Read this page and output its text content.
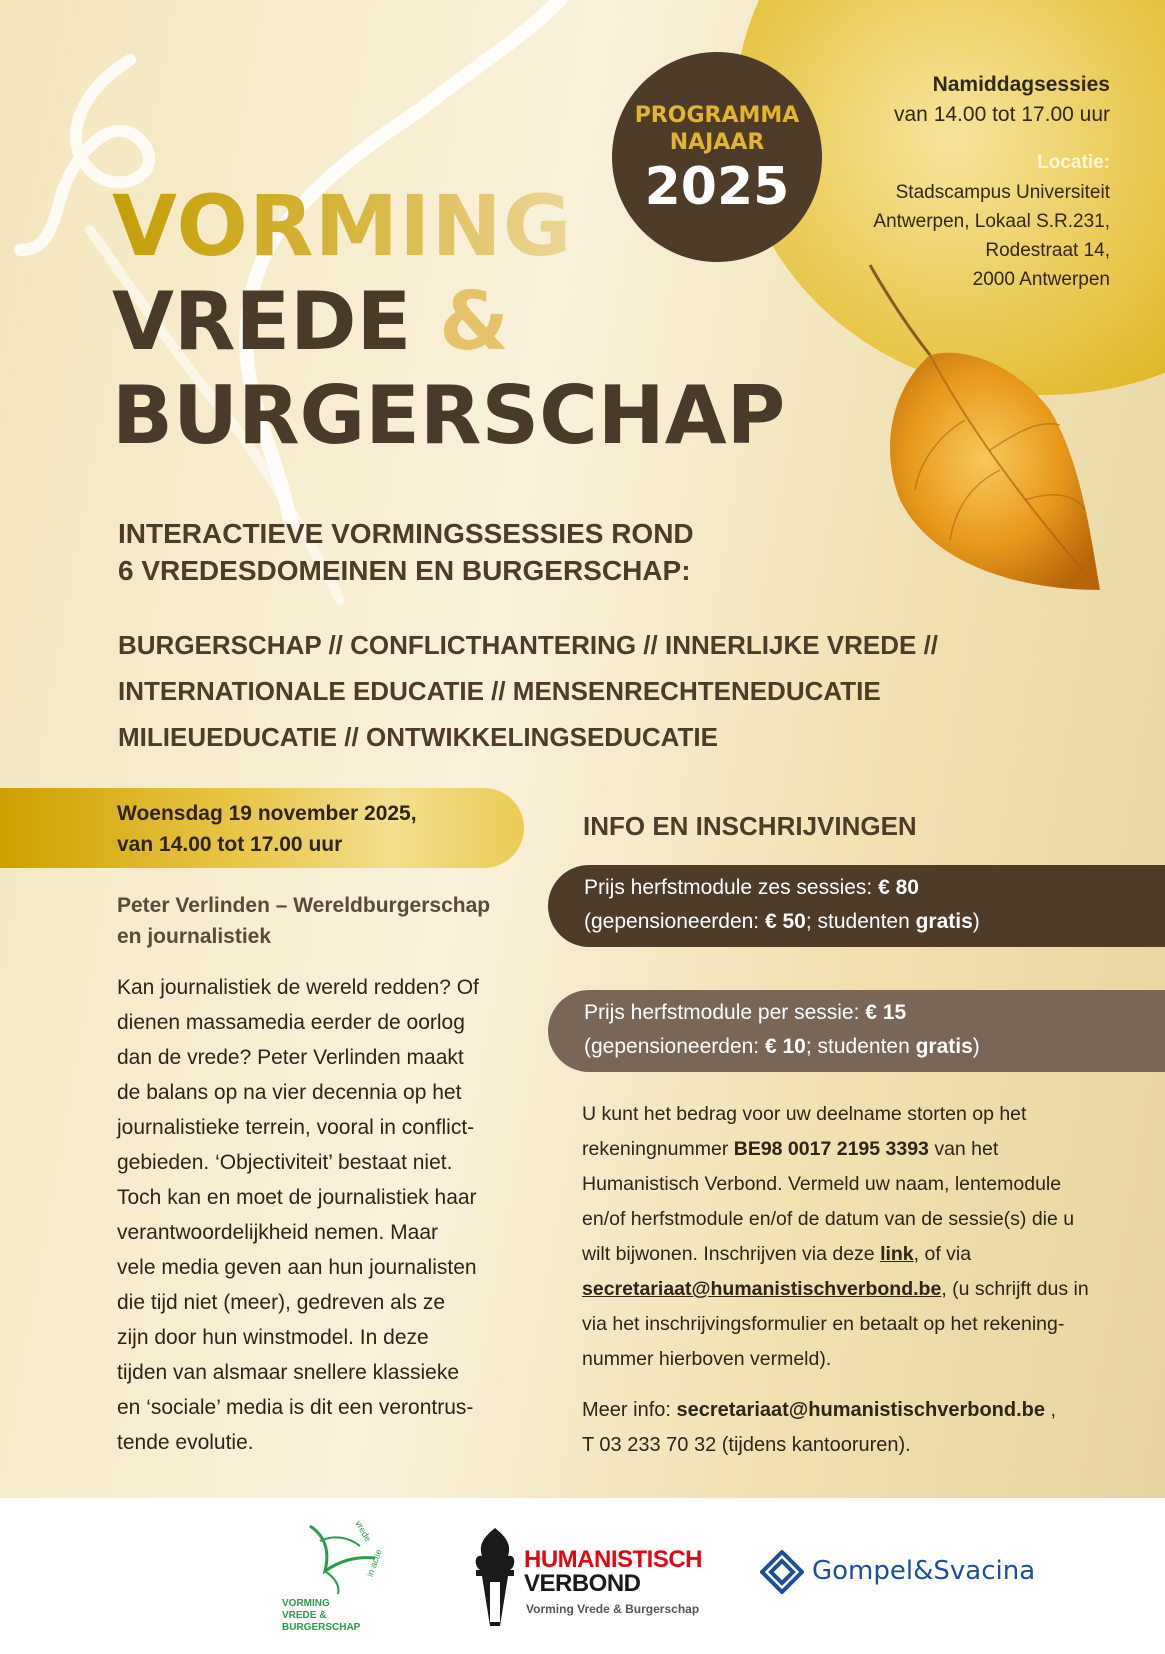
PROGRAMMA
NAJAAR
2025
Namiddagsessies
van 14.00 tot 17.00 uur
Locatie:
Stadscampus Universiteit
Antwerpen, Lokaal S.R.231,
Rodestraat 14,
2000 Antwerpen
VORMING
VREDE &
BURGERSCHAP
INTERACTIEVE VORMINGSSESSIES ROND
6 VREDESDOMEINEN EN BURGERSCHAP:
BURGERSCHAP // CONFLICTHANTERING // INNERLIJKE VREDE //
INTERNATIONALE EDUCATIE // MENSENRECHTENEDUCATIE
MILIEUEDUCATIE // ONTWIKKELINGSEDUCATIE
Woensdag 19 november 2025,
van 14.00 tot 17.00 uur
Peter Verlinden – Wereldburgerschap
en journalistiek
Kan journalistiek de wereld redden? Of
dienen massamedia eerder de oorlog
dan de vrede? Peter Verlinden maakt
de balans op na vier decennia op het
journalistieke terrein, vooral in conflict-
gebieden. ‘Objectiviteit’ bestaat niet.
Toch kan en moet de journalistiek haar
verantwoordelijkheid nemen. Maar
vele media geven aan hun journalisten
die tijd niet (meer), gedreven als ze
zijn door hun winstmodel. In deze
tijden van alsmaar snellere klassieke
en ‘sociale’ media is dit een verontrus-
tende evolutie.
INFO EN INSCHRIJVINGEN
Prijs herfstmodule zes sessies: € 80
(gepensioneerden: € 50; studenten gratis)
Prijs herfstmodule per sessie: € 15
(gepensioneerden: € 10; studenten gratis)
U kunt het bedrag voor uw deelname storten op het
rekeningnummer BE98 0017 2195 3393 van het
Humanistisch Verbond. Vermeld uw naam, lentemodule
en/of herfstmodule en/of de datum van de sessie(s) die u
wilt bijwonen. Inschrijven via deze link, of via
secretariaat@humanistischverbond.be, (u schrijft dus in
via het inschrijvingsformulier en betaalt op het rekening-
nummer hierboven vermeld).
Meer info: secretariaat@humanistischverbond.be ,
T 03 233 70 32 (tijdens kantooruren).
vrede
in actie
VORMING
VREDE &
BURGERSCHAP
HUMANISTISCH
VERBOND
Vorming Vrede & Burgerschap
Gompel&Svacina
